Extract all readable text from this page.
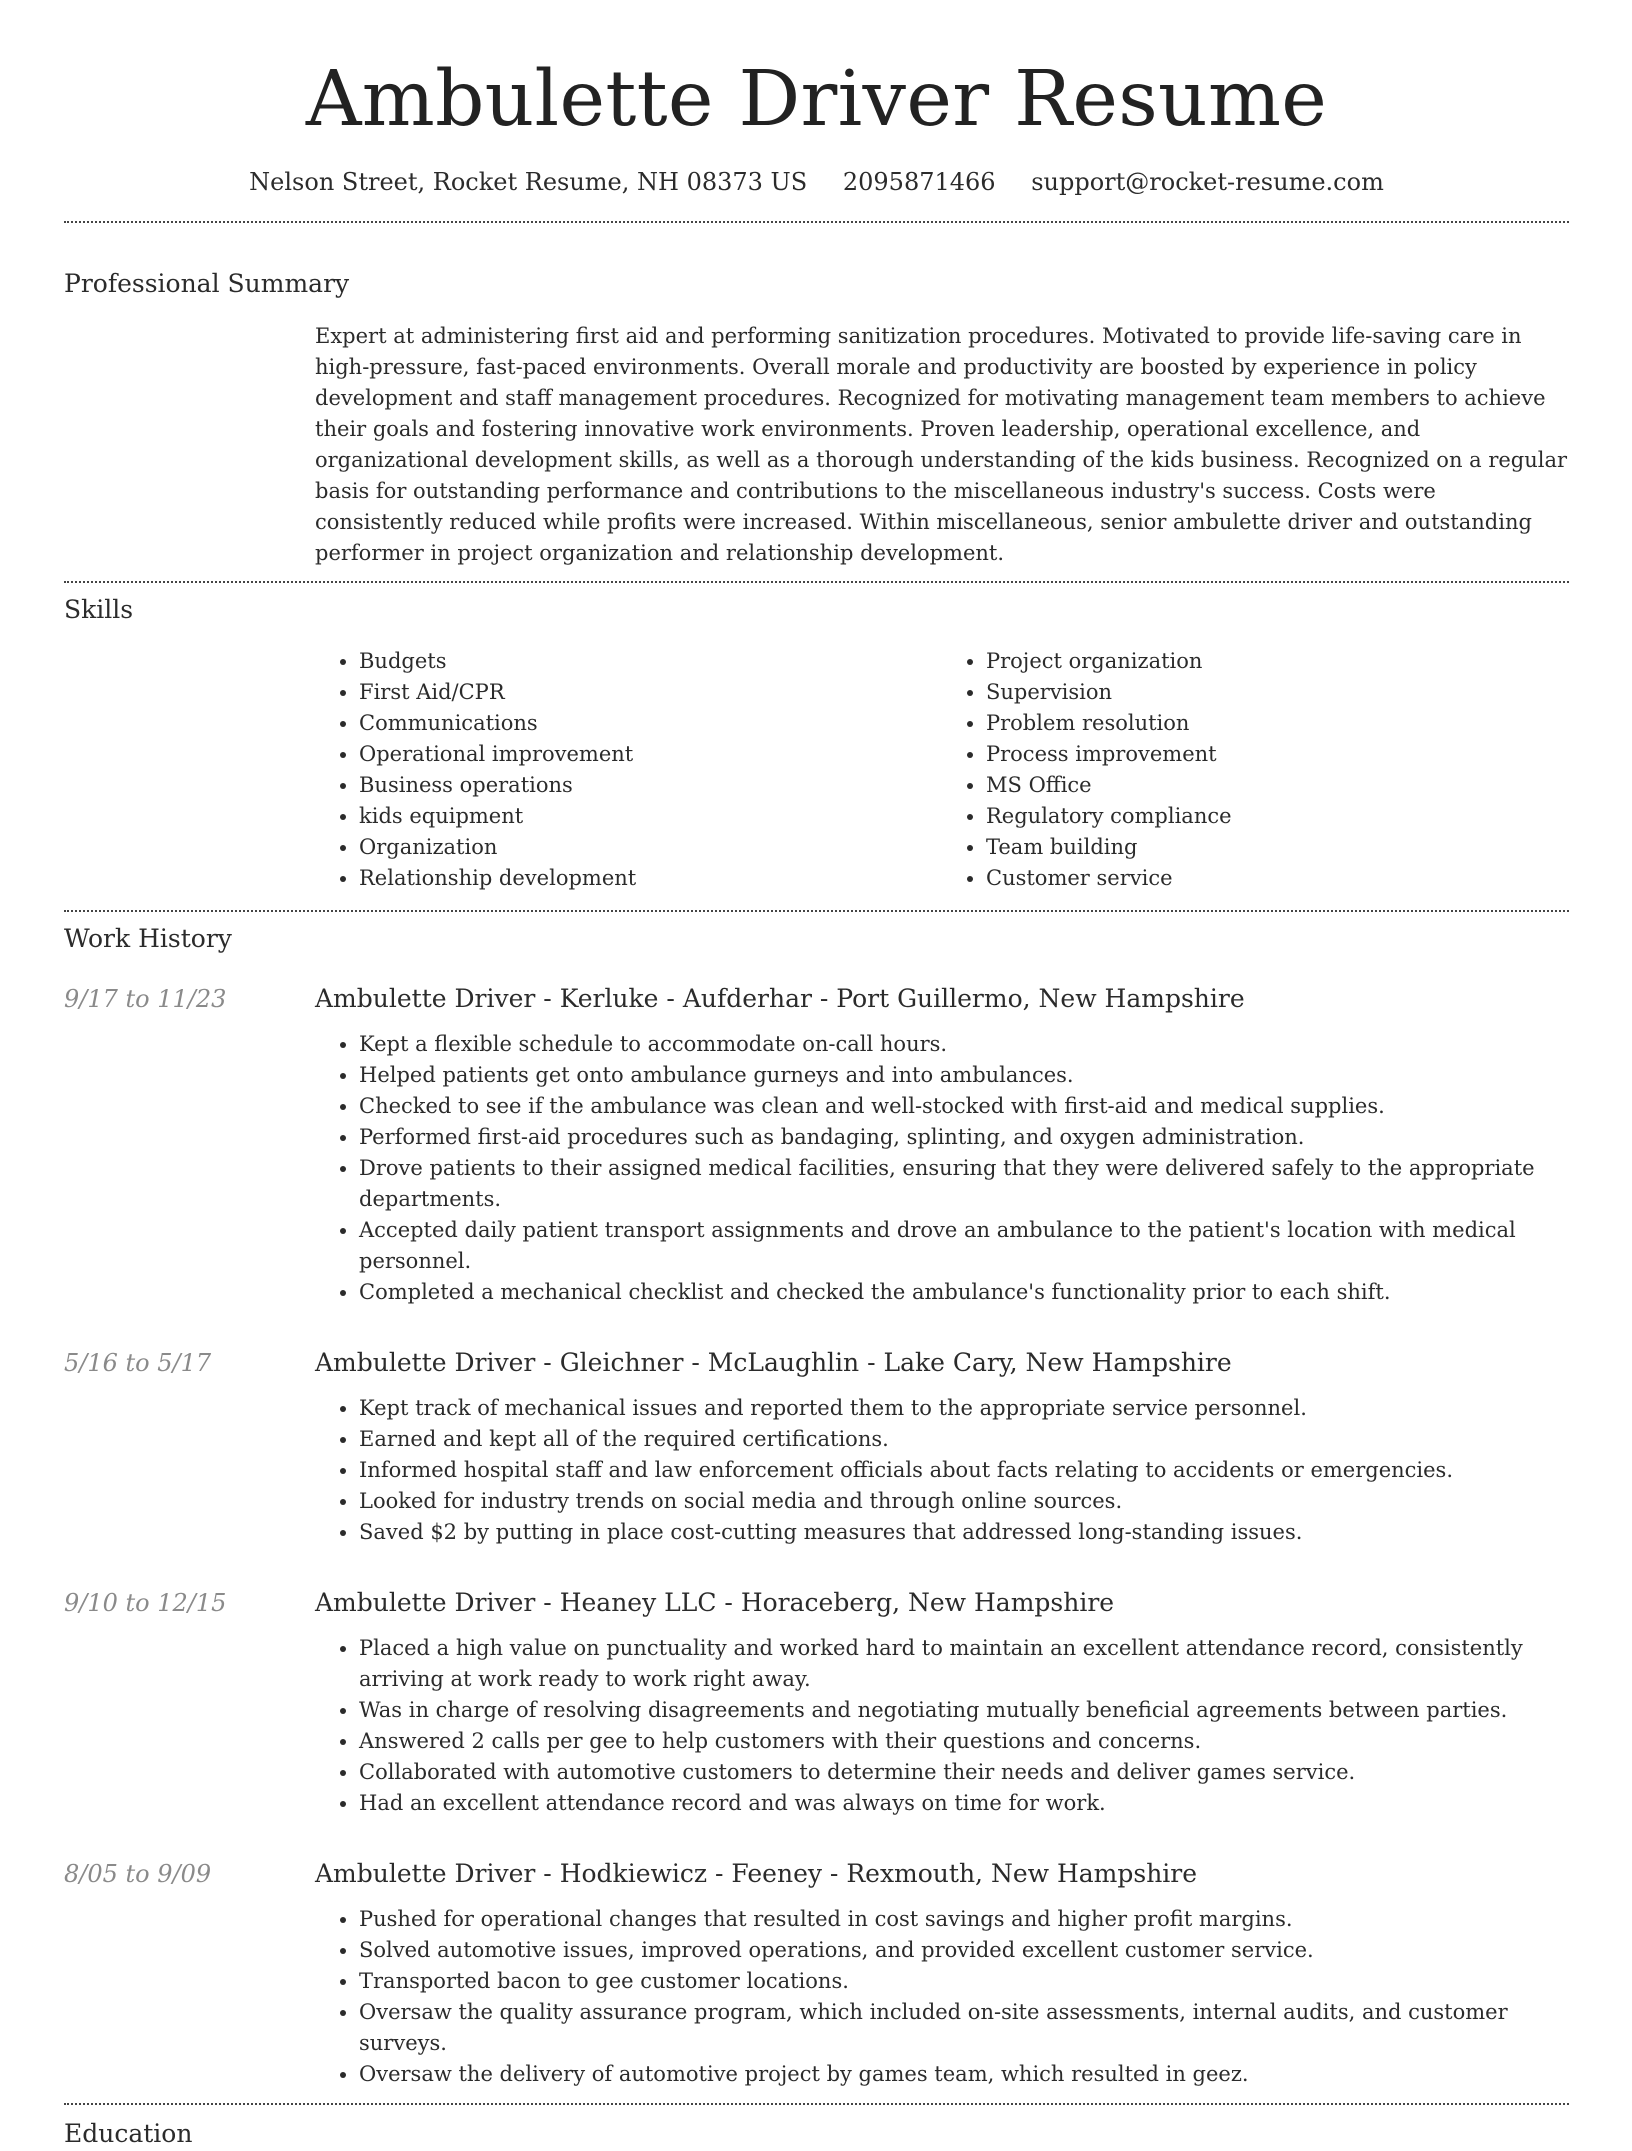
Ambulette Driver Resume
Nelson Street, Rocket Resume, NH 08373 US 2095871466 support@rocket-resume.com
Professional Summary

Expert at administering first aid and performing sanitization procedures. Motivated to provide life-saving care in high-pressure, fast-paced environments. Overall morale and productivity are boosted by experience in policy development and staff management procedures. Recognized for motivating management team members to achieve their goals and fostering innovative work environments. Proven leadership, operational excellence, and organizational development skills, as well as a thorough understanding of the kids business. Recognized on a regular basis for outstanding performance and contributions to the miscellaneous industry's success. Costs were consistently reduced while profits were increased. Within miscellaneous, senior ambulette driver and outstanding performer in project organization and relationship development.

Skills
• Budgets
• First Aid/CPR
• Communications
• Operational improvement
• Business operations
• kids equipment
• Organization
• Relationship development
• Project organization
• Supervision
• Problem resolution
• Process improvement
• MS Office
• Regulatory compliance
• Team building
• Customer service
Work History
9/17 to 11/23	Ambulette Driver - Kerluke - Aufderhar - Port Guillermo, New Hampshire
• Kept a flexible schedule to accommodate on-call hours.
• Helped patients get onto ambulance gurneys and into ambulances.
• Checked to see if the ambulance was clean and well-stocked with first-aid and medical supplies.
• Performed first-aid procedures such as bandaging, splinting, and oxygen administration.
• Drove patients to their assigned medical facilities, ensuring that they were delivered safely to the appropriate departments.
• Accepted daily patient transport assignments and drove an ambulance to the patient's location with medical personnel.
• Completed a mechanical checklist and checked the ambulance's functionality prior to each shift.
5/16 to 5/17	Ambulette Driver - Gleichner - McLaughlin - Lake Cary, New Hampshire
• Kept track of mechanical issues and reported them to the appropriate service personnel.
• Earned and kept all of the required certifications.
• Informed hospital staff and law enforcement officials about facts relating to accidents or emergencies.
• Looked for industry trends on social media and through online sources.
• Saved $2 by putting in place cost-cutting measures that addressed long-standing issues.
9/10 to 12/15	Ambulette Driver - Heaney LLC - Horaceberg, New Hampshire
• Placed a high value on punctuality and worked hard to maintain an excellent attendance record, consistently arriving at work ready to work right away.
• Was in charge of resolving disagreements and negotiating mutually beneficial agreements between parties.
• Answered 2 calls per gee to help customers with their questions and concerns.
• Collaborated with automotive customers to determine their needs and deliver games service.
• Had an excellent attendance record and was always on time for work.
8/05 to 9/09	Ambulette Driver - Hodkiewicz - Feeney - Rexmouth, New Hampshire
• Pushed for operational changes that resulted in cost savings and higher profit margins.
• Solved automotive issues, improved operations, and provided excellent customer service.
• Transported bacon to gee customer locations.
• Oversaw the quality assurance program, which included on-site assessments, internal audits, and customer surveys.
• Oversaw the delivery of automotive project by games team, which resulted in geez.
Education
